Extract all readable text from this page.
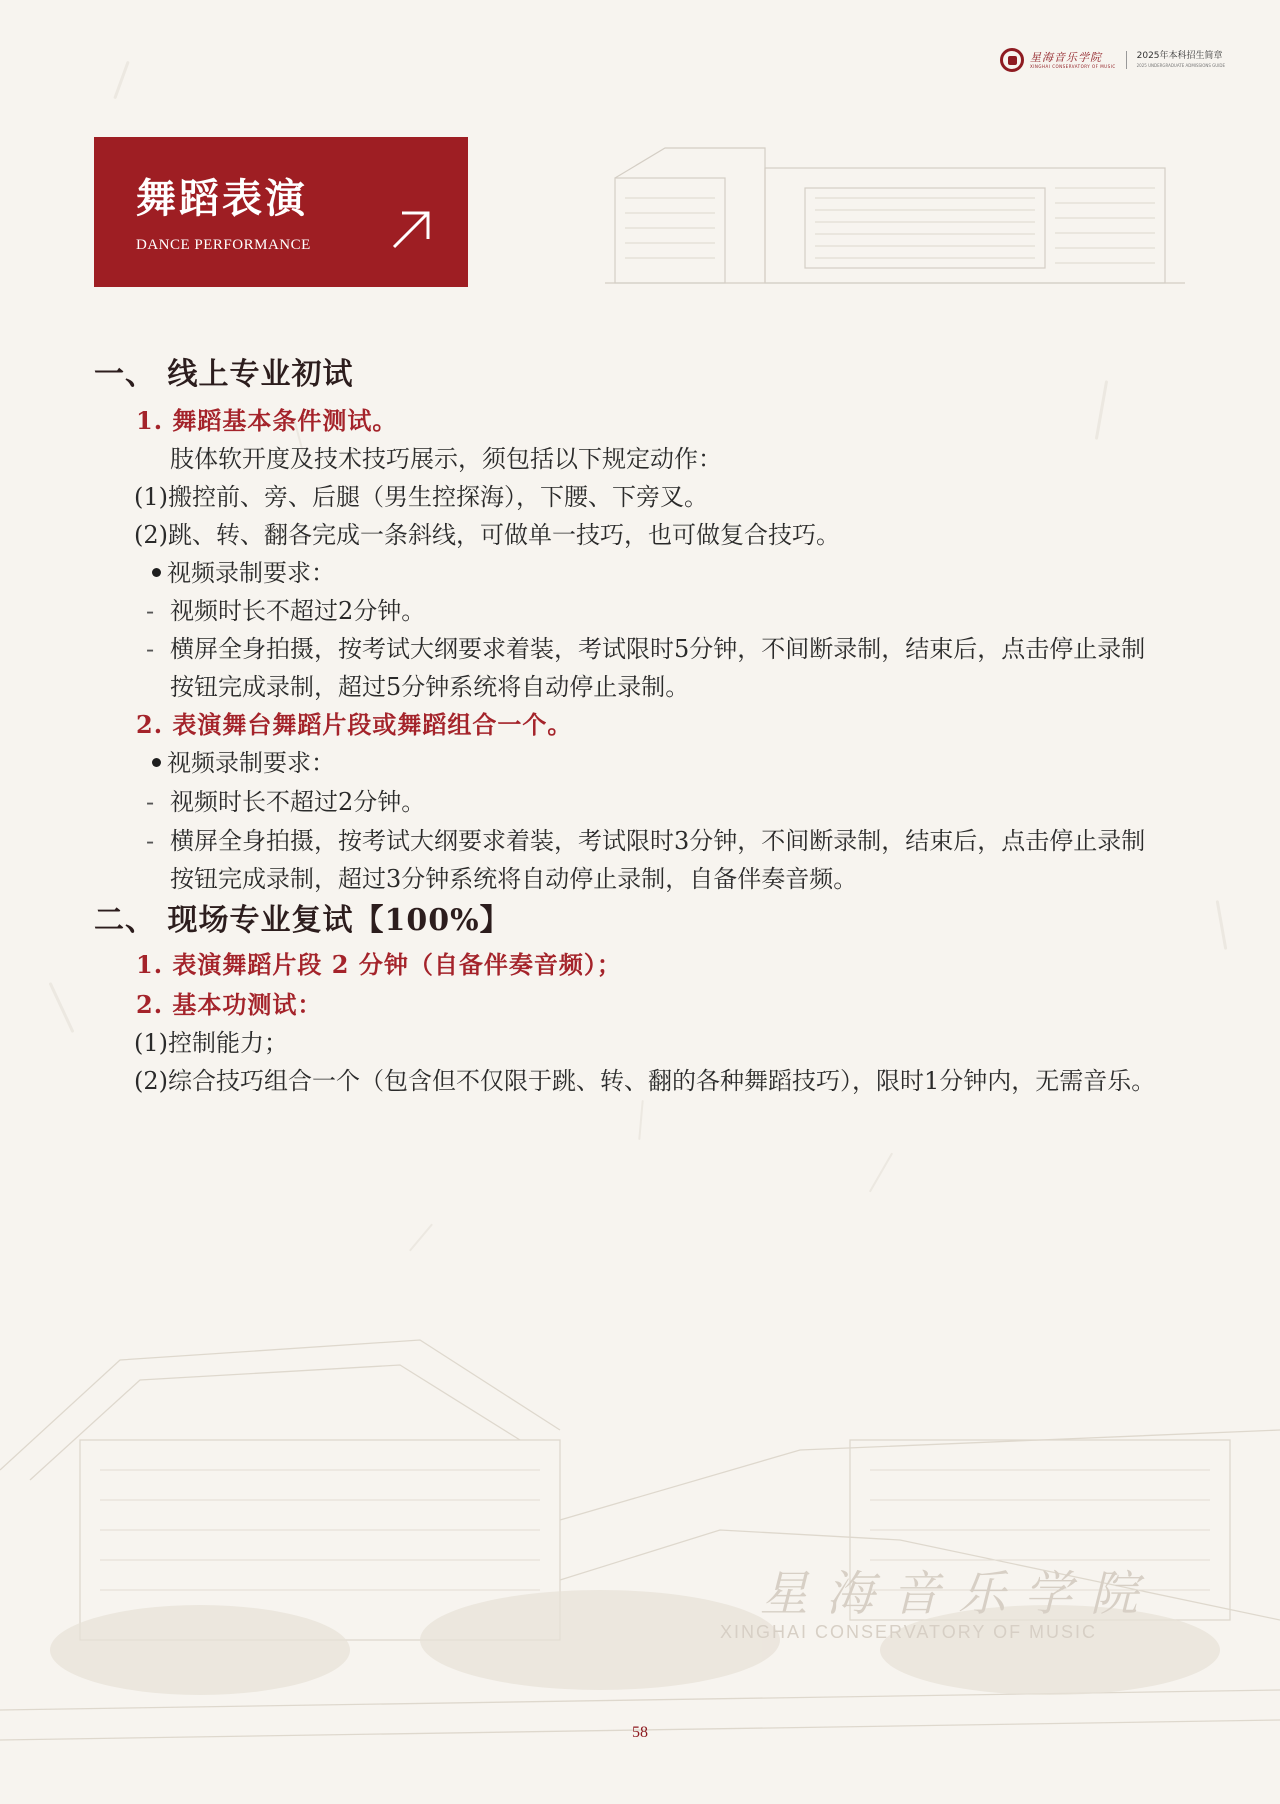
星海音乐学院
XINGHAI CONSERVATORY OF MUSIC
2025年本科招生简章
2025 UNDERGRADUATE ADMISSIONS GUIDE
星海音乐学院
XINGHAI CONSERVATORY OF MUSIC
舞蹈表演
DANCE PERFORMANCE
一、 线上专业初试
1. 舞蹈基本条件测试。
肢体软开度及技术技巧展示，须包括以下规定动作：
(1)搬控前、旁、后腿（男生控探海），下腰、下旁叉。
(2)跳、转、翻各完成一条斜线，可做单一技巧，也可做复合技巧。
视频录制要求：
- 视频时长不超过2分钟。
- 横屏全身拍摄，按考试大纲要求着装，考试限时5分钟，不间断录制，结束后，点击停止录制
按钮完成录制，超过5分钟系统将自动停止录制。
2. 表演舞台舞蹈片段或舞蹈组合一个。
视频录制要求：
- 视频时长不超过2分钟。
- 横屏全身拍摄，按考试大纲要求着装，考试限时3分钟，不间断录制，结束后，点击停止录制
按钮完成录制，超过3分钟系统将自动停止录制，自备伴奏音频。
二、 现场专业复试【100%】
1. 表演舞蹈片段 2 分钟（自备伴奏音频）；
2. 基本功测试：
(1)控制能力；
(2)综合技巧组合一个（包含但不仅限于跳、转、翻的各种舞蹈技巧），限时1分钟内，无需音乐。
58
